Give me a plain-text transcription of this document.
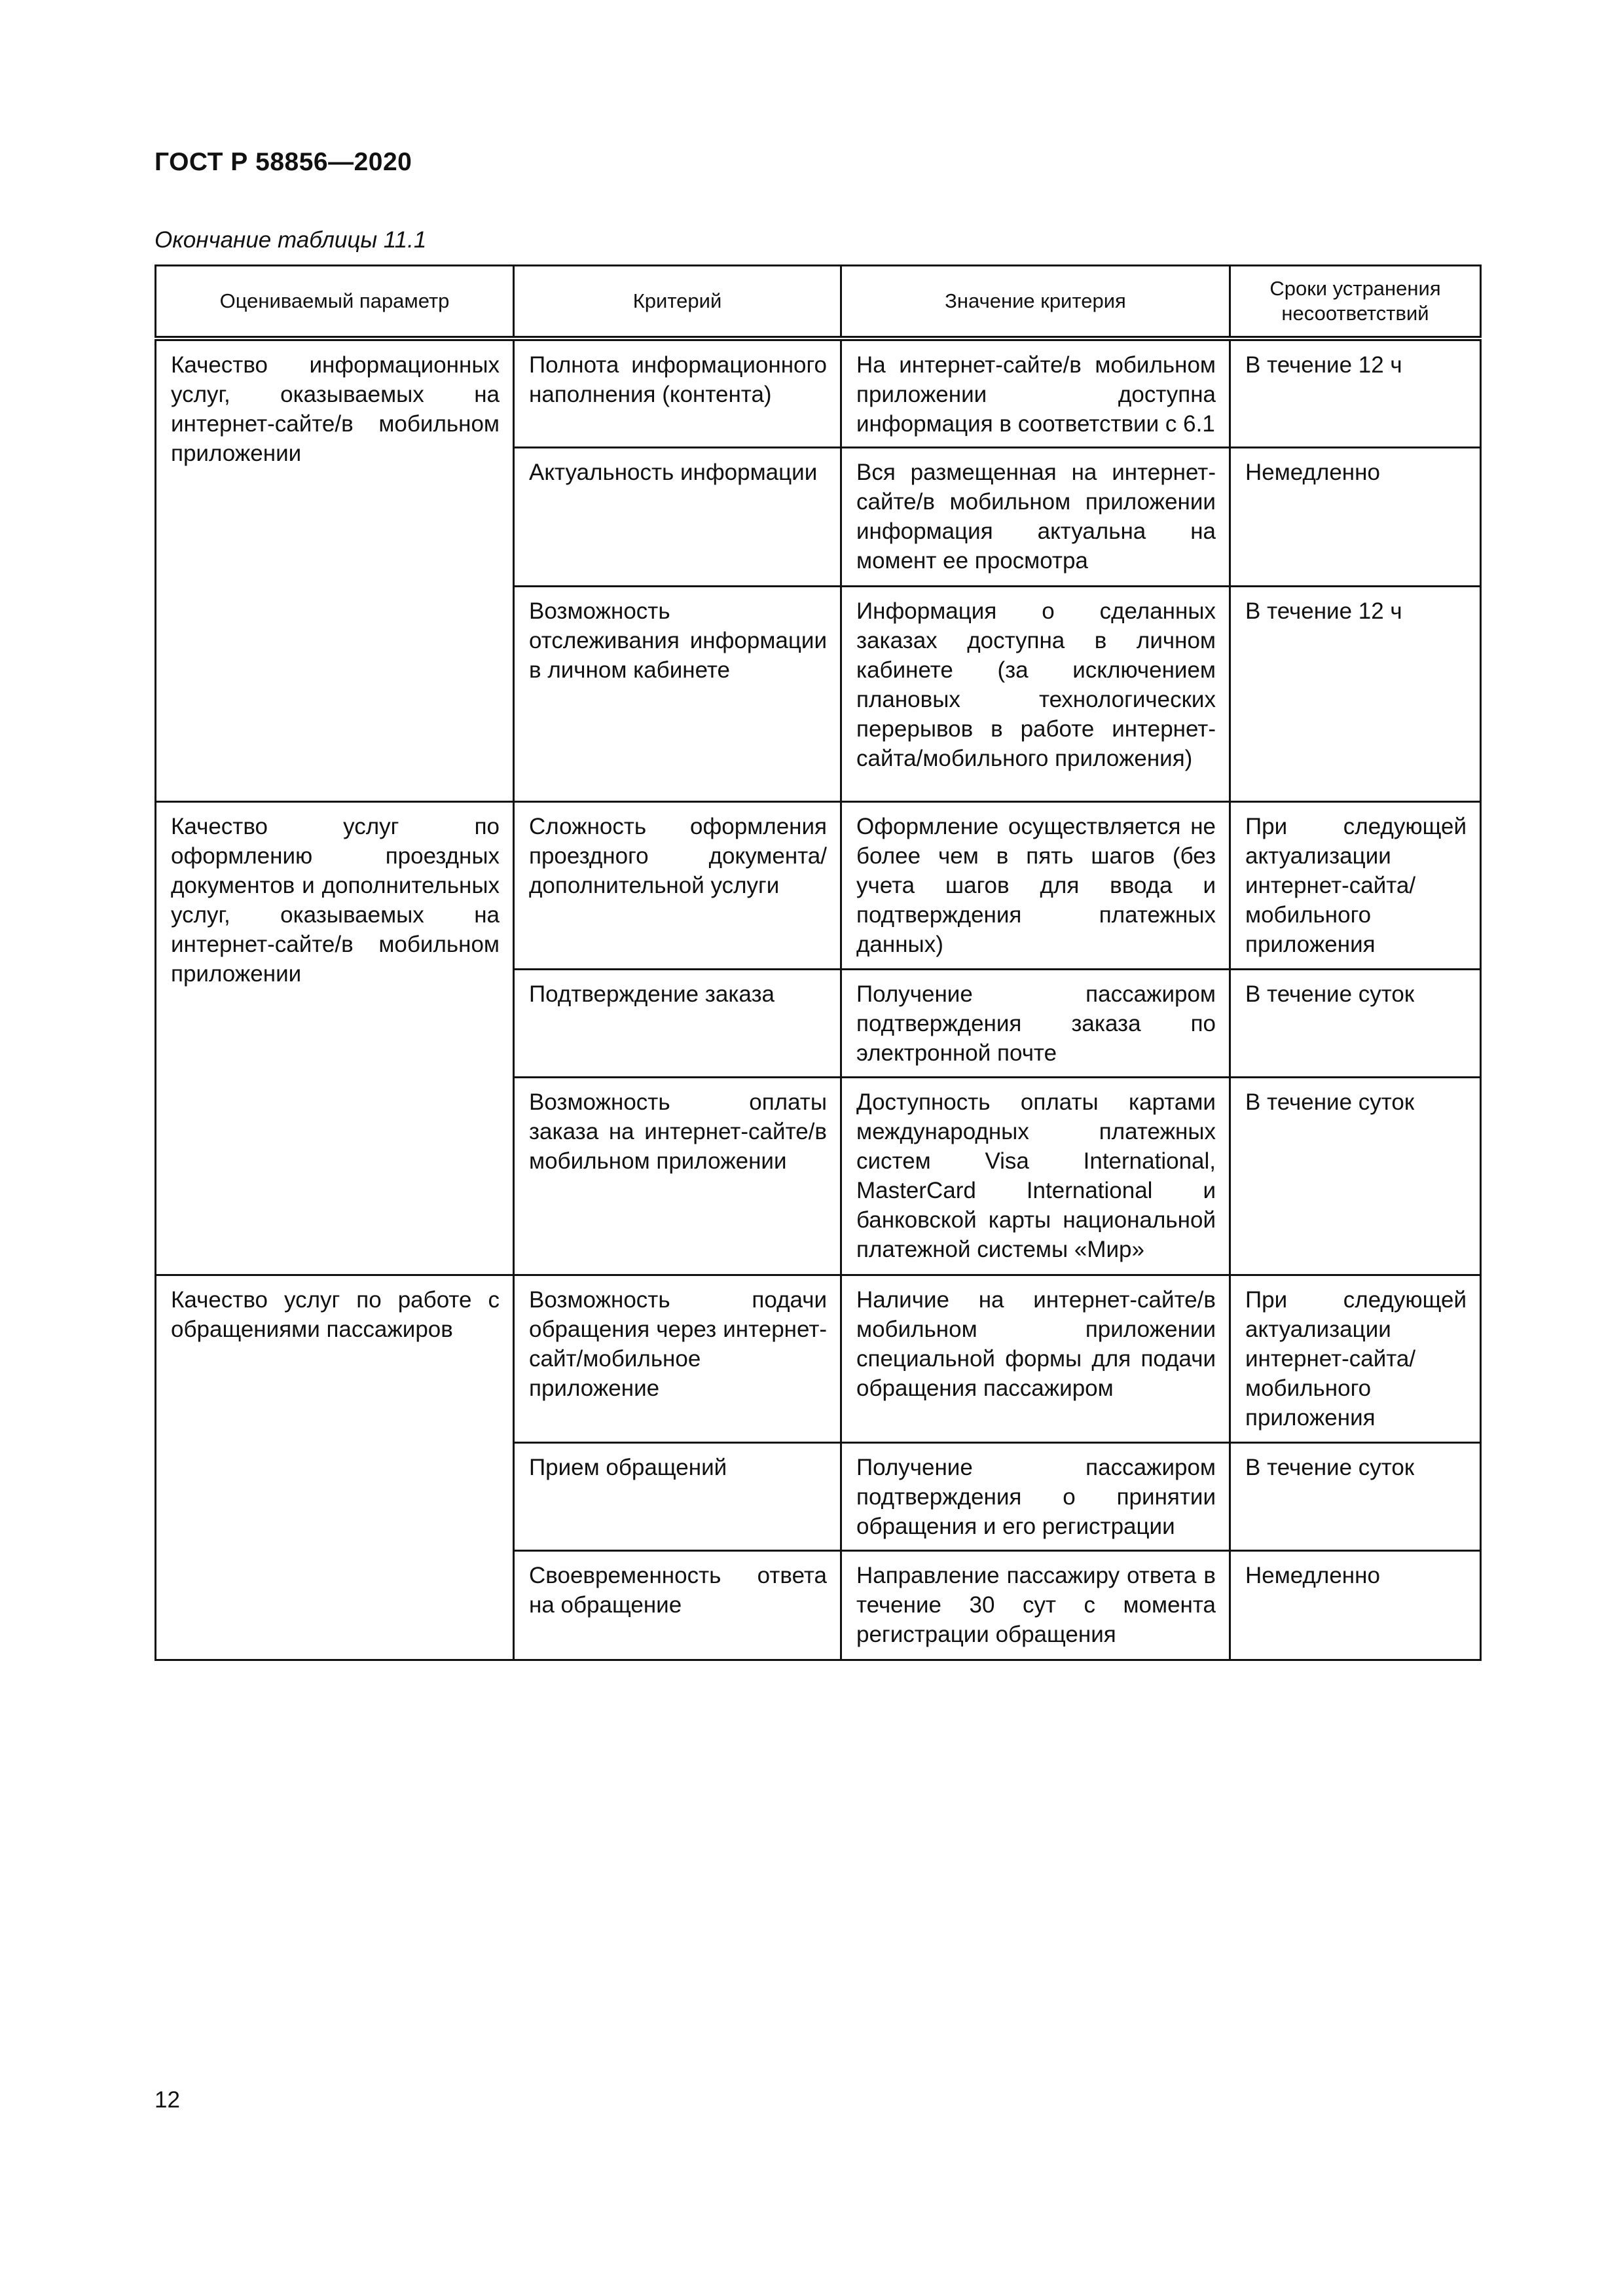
ГОСТ Р 58856—2020
Окончание таблицы 11.1
Оцениваемый параметр	Критерий	Значение критерия	Сроки устранения несоответствий
Качество информационных услуг, оказываемых на интернет-сайте/в мобильном приложении	Полнота информационного наполнения (контента)	На интернет-сайте/в мобильном приложении доступна информация в соответствии с 6.1	В течение 12 ч
	Актуальность информации	Вся размещенная на интернет-сайте/в мобильном приложении информация актуальна на момент ее просмотра	Немедленно
	Возможность отслеживания информации в личном кабинете	Информация о сделанных заказах доступна в личном кабинете (за исключением плановых технологических перерывов в работе интернет-сайта/мобильного приложения)	В течение 12 ч
Качество услуг по оформлению проездных документов и дополнительных услуг, оказываемых на интернет-сайте/в мобильном приложении	Сложность оформления проездного документа/ дополнительной услуги	Оформление осуществляется не более чем в пять шагов (без учета шагов для ввода и подтверждения платежных данных)	При следующей актуализации интернет-сайта/мобильного приложения
	Подтверждение заказа	Получение пассажиром подтверждения заказа по электронной почте	В течение суток
	Возможность оплаты заказа на интернет-сайте/в мобильном приложении	Доступность оплаты картами международных платежных систем Visa International, MasterCard International и банковской карты национальной платежной системы «Мир»	В течение суток
Качество услуг по работе с обращениями пассажиров	Возможность подачи обращения через интернет-сайт/мобильное приложение	Наличие на интернет-сайте/в мобильном приложении специальной формы для подачи обращения пассажиром	При следующей актуализации интернет-сайта/мобильного приложения
	Прием обращений	Получение пассажиром подтверждения о принятии обращения и его регистрации	В течение суток
	Своевременность ответа на обращение	Направление пассажиру ответа в течение 30 сут с момента регистрации обращения	Немедленно
12
